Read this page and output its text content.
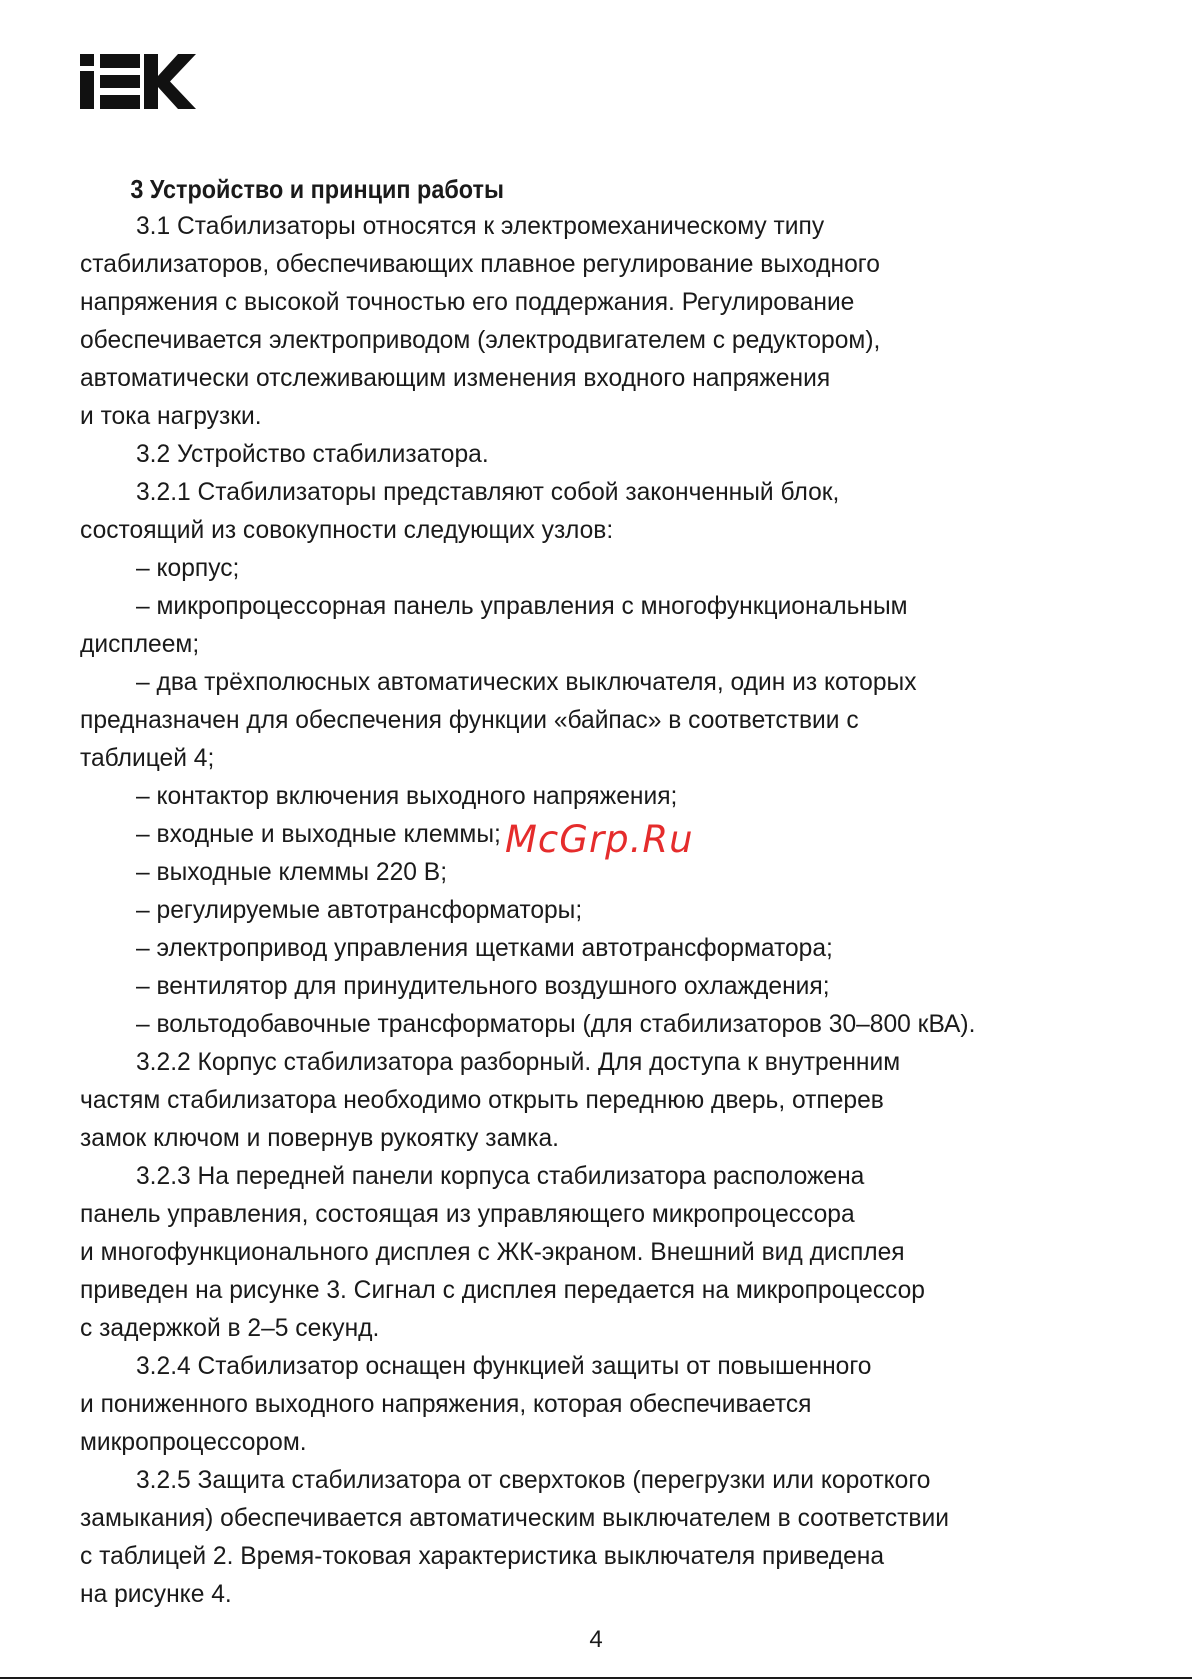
3 Устройство и принцип работы
3.1 Стабилизаторы относятся к электромеханическому типу
стабилизаторов, обеспечивающих плавное регулирование выходного
напряжения с высокой точностью его поддержания. Регулирование
обеспечивается электроприводом (электродвигателем с редуктором),
автоматически отслеживающим изменения входного напряжения
и тока нагрузки.
3.2 Устройство стабилизатора.
3.2.1 Стабилизаторы представляют собой законченный блок,
состоящий из совокупности следующих узлов:
– корпус;
– микропроцессорная панель управления с многофункциональным
дисплеем;
– два трёхполюсных автоматических выключателя, один из которых
предназначен для обеспечения функции «байпас» в соответствии с
таблицей 4;
– контактор включения выходного напряжения;
– входные и выходные клеммы;
– выходные клеммы 220 В;
– регулируемые автотрансформаторы;
– электропривод управления щетками автотрансформатора;
– вентилятор для принудительного воздушного охлаждения;
– вольтодобавочные трансформаторы (для стабилизаторов 30–800 кВА).
3.2.2 Корпус стабилизатора разборный. Для доступа к внутренним
частям стабилизатора необходимо открыть переднюю дверь, отперев
замок ключом и повернув рукоятку замка.
3.2.3 На передней панели корпуса стабилизатора расположена
панель управления, состоящая из управляющего микропроцессора
и многофункционального дисплея с ЖК-экраном. Внешний вид дисплея
приведен на рисунке 3. Сигнал с дисплея передается на микропроцессор
с задержкой в 2–5 секунд.
3.2.4 Стабилизатор оснащен функцией защиты от повышенного
и пониженного выходного напряжения, которая обеспечивается
микропроцессором.
3.2.5 Защита стабилизатора от сверхтоков (перегрузки или короткого
замыкания) обеспечивается автоматическим выключателем в соответствии
с таблицей 2. Время-токовая характеристика выключателя приведена
на рисунке 4.
McGrp.Ru
4
